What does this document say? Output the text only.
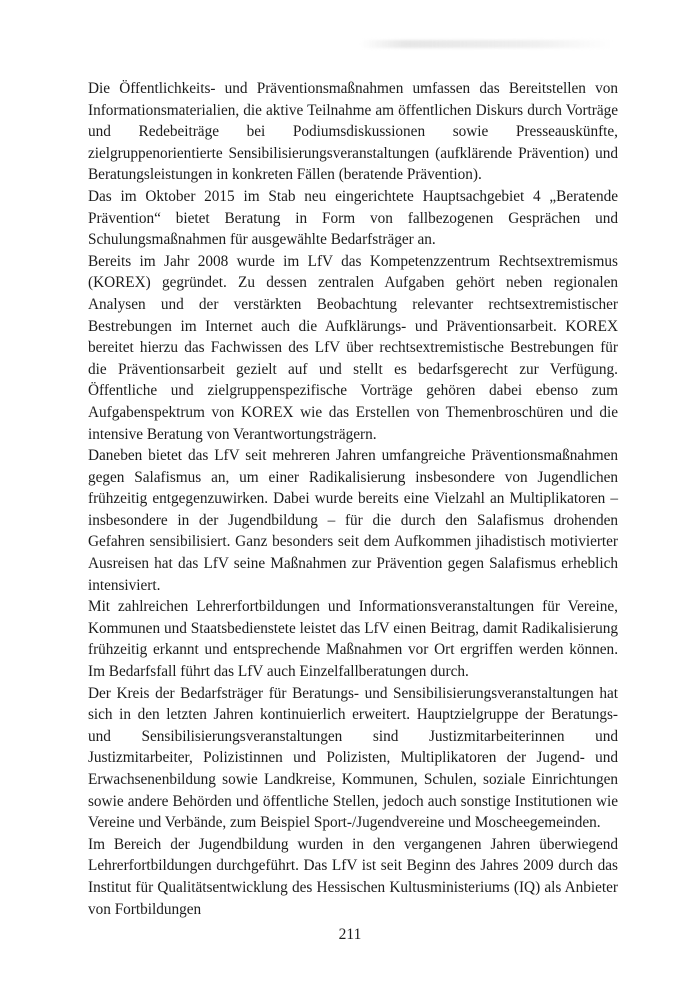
Die Öffentlichkeits- und Präventionsmaßnahmen umfassen das Bereitstellen von Informationsmaterialien, die aktive Teilnahme am öffentlichen Diskurs durch Vorträge und Redebeiträge bei Podiumsdiskussionen sowie Presseauskünfte, zielgruppenorientierte Sensibilisierungsveranstaltungen (aufklärende Prävention) und Beratungsleistungen in konkreten Fällen (beratende Prävention).

Das im Oktober 2015 im Stab neu eingerichtete Hauptsachgebiet 4 „Beratende Prävention“ bietet Beratung in Form von fallbezogenen Gesprächen und Schulungsmaßnahmen für ausgewählte Bedarfsträger an.

Bereits im Jahr 2008 wurde im LfV das Kompetenzzentrum Rechtsextremismus (KOREX) gegründet. Zu dessen zentralen Aufgaben gehört neben regionalen Analysen und der verstärkten Beobachtung relevanter rechtsextremistischer Bestrebungen im Internet auch die Aufklärungs- und Präventionsarbeit. KOREX bereitet hierzu das Fachwissen des LfV über rechtsextremistische Bestrebungen für die Präventionsarbeit gezielt auf und stellt es bedarfsgerecht zur Verfügung. Öffentliche und zielgruppenspezifische Vorträge gehören dabei ebenso zum Aufgabenspektrum von KOREX wie das Erstellen von Themenbroschüren und die intensive Beratung von Verantwortungsträgern.

Daneben bietet das LfV seit mehreren Jahren umfangreiche Präventionsmaßnahmen gegen Salafismus an, um einer Radikalisierung insbesondere von Jugendlichen frühzeitig entgegenzuwirken. Dabei wurde bereits eine Vielzahl an Multiplikatoren – insbesondere in der Jugendbildung – für die durch den Salafismus drohenden Gefahren sensibilisiert. Ganz besonders seit dem Aufkommen jihadistisch motivierter Ausreisen hat das LfV seine Maßnahmen zur Prävention gegen Salafismus erheblich intensiviert.

Mit zahlreichen Lehrerfortbildungen und Informationsveranstaltungen für Vereine, Kommunen und Staatsbedienstete leistet das LfV einen Beitrag, damit Radikalisierung frühzeitig erkannt und entsprechende Maßnahmen vor Ort ergriffen werden können. Im Bedarfsfall führt das LfV auch Einzelfallberatungen durch.

Der Kreis der Bedarfsträger für Beratungs- und Sensibilisierungsveranstaltungen hat sich in den letzten Jahren kontinuierlich erweitert. Hauptzielgruppe der Beratungs- und Sensibilisierungsveranstaltungen sind Justizmitarbeiterinnen und Justizmitarbeiter, Polizistinnen und Polizisten, Multiplikatoren der Jugend- und Erwachsenenbildung sowie Landkreise, Kommunen, Schulen, soziale Einrichtungen sowie andere Behörden und öffentliche Stellen, jedoch auch sonstige Institutionen wie Vereine und Verbände, zum Beispiel Sport-/Jugendvereine und Moscheegemeinden.

Im Bereich der Jugendbildung wurden in den vergangenen Jahren überwiegend Lehrerfortbildungen durchgeführt. Das LfV ist seit Beginn des Jahres 2009 durch das Institut für Qualitätsentwicklung des Hessischen Kultusministeriums (IQ) als Anbieter von Fortbildungen

211
